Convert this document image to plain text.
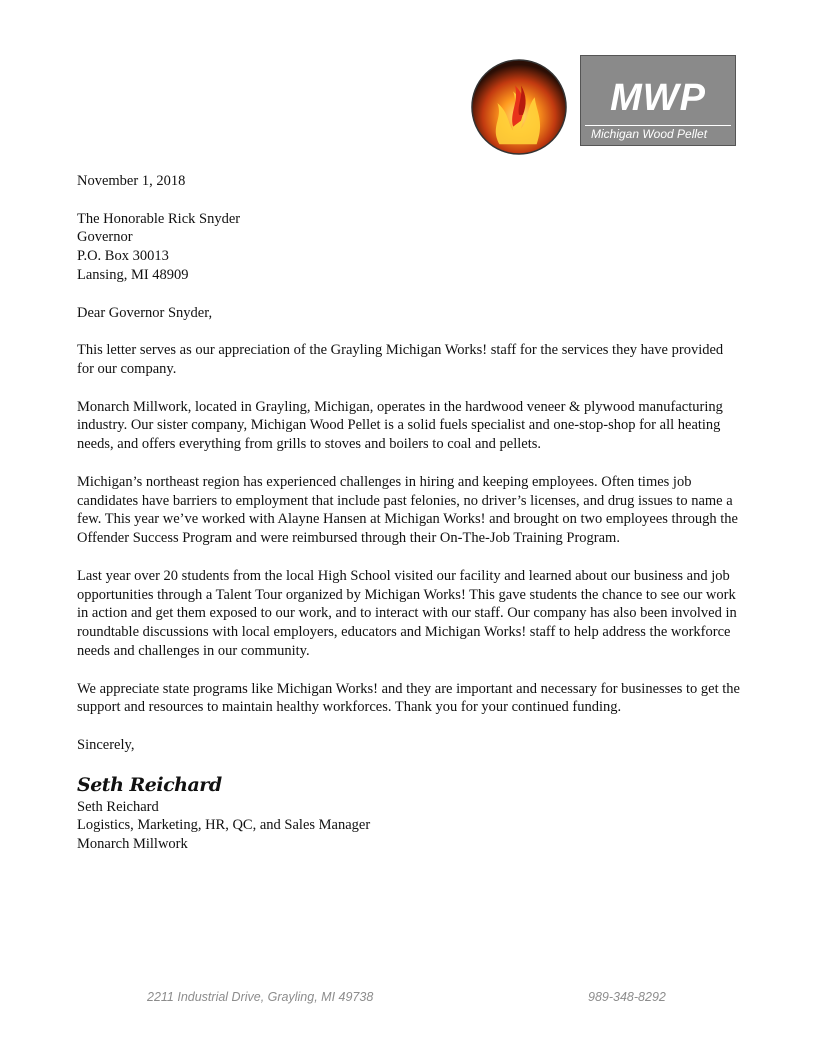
MWP
Michigan Wood Pellet

November 1, 2018

The Honorable Rick Snyder
Governor
P.O. Box 30013
Lansing, MI 48909

Dear Governor Snyder,

This letter serves as our appreciation of the Grayling Michigan Works! staff for the services they have provided for our company.

Monarch Millwork, located in Grayling, Michigan, operates in the hardwood veneer & plywood manufacturing industry. Our sister company, Michigan Wood Pellet is a solid fuels specialist and one-stop-shop for all heating needs, and offers everything from grills to stoves and boilers to coal and pellets.

Michigan’s northeast region has experienced challenges in hiring and keeping employees. Often times job candidates have barriers to employment that include past felonies, no driver’s licenses, and drug issues to name a few. This year we’ve worked with Alayne Hansen at Michigan Works! and brought on two employees through the Offender Success Program and were reimbursed through their On-The-Job Training Program.

Last year over 20 students from the local High School visited our facility and learned about our business and job opportunities through a Talent Tour organized by Michigan Works! This gave students the chance to see our work in action and get them exposed to our work, and to interact with our staff. Our company has also been involved in roundtable discussions with local employers, educators and Michigan Works! staff to help address the workforce needs and challenges in our community.

We appreciate state programs like Michigan Works! and they are important and necessary for businesses to get the support and resources to maintain healthy workforces. Thank you for your continued funding.

Sincerely,

Seth Reichard
Seth Reichard
Logistics, Marketing, HR, QC, and Sales Manager
Monarch Millwork
2211 Industrial Drive, Grayling, MI 49738	989-348-8292
